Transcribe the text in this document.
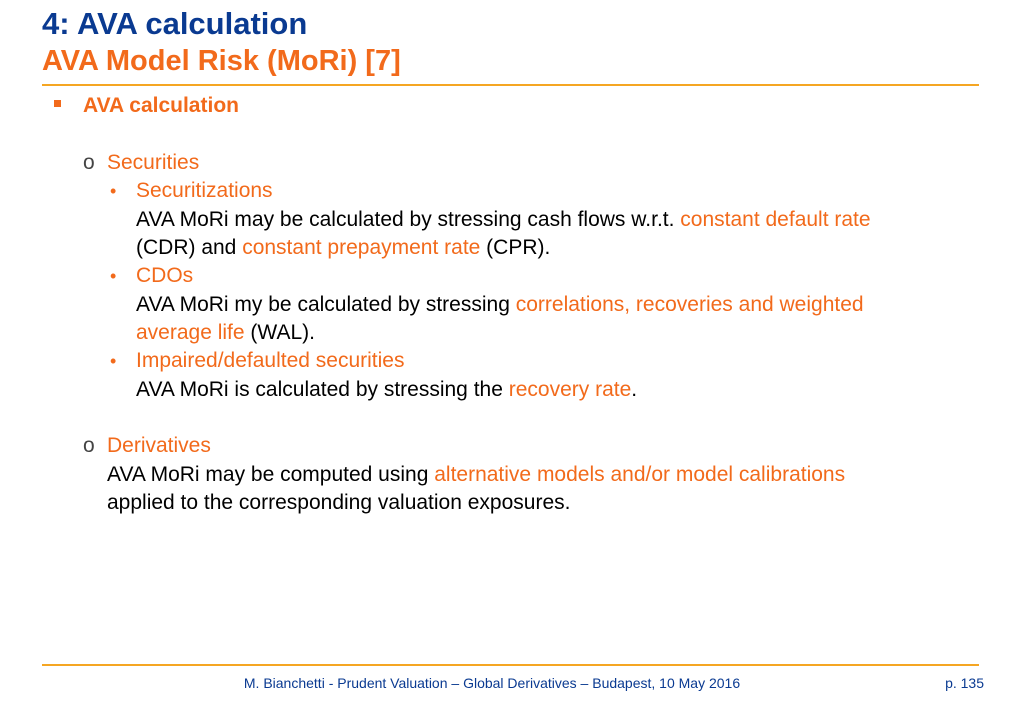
4: AVA calculation
AVA Model Risk (MoRi) [7]
AVA calculation
o Securities
• Securitizations
AVA MoRi may be calculated by stressing cash flows w.r.t. constant default rate
(CDR) and constant prepayment rate (CPR).
• CDOs
AVA MoRi my be calculated by stressing correlations, recoveries and weighted
average life (WAL).
• Impaired/defaulted securities
AVA MoRi is calculated by stressing the recovery rate.
o Derivatives
AVA MoRi may be computed using alternative models and/or model calibrations
applied to the corresponding valuation exposures.
M. Bianchetti - Prudent Valuation – Global Derivatives – Budapest, 10 May 2016	p. 135
